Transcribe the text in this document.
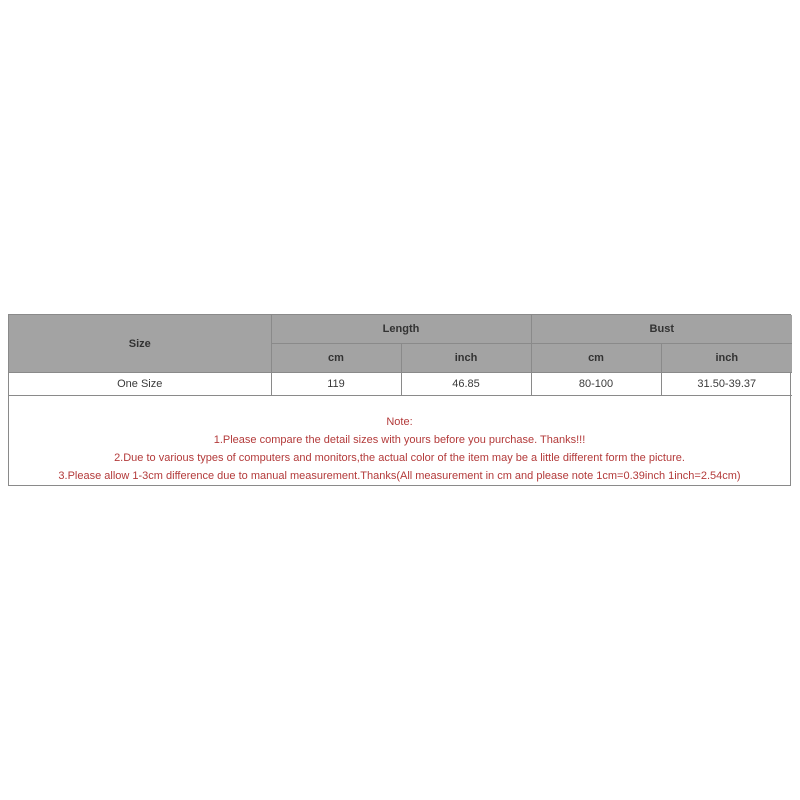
Size	Length		Bust	
	cm	inch	cm	inch
One Size	119	46.85	80-100	31.50-39.37
Note:
1.Please compare the detail sizes with yours before you purchase. Thanks!!!
2.Due to various types of computers and monitors,the actual color of the item may be a little different form the picture.
3.Please allow 1-3cm difference due to manual measurement.Thanks(All measurement in cm and please note 1cm=0.39inch 1inch=2.54cm)
